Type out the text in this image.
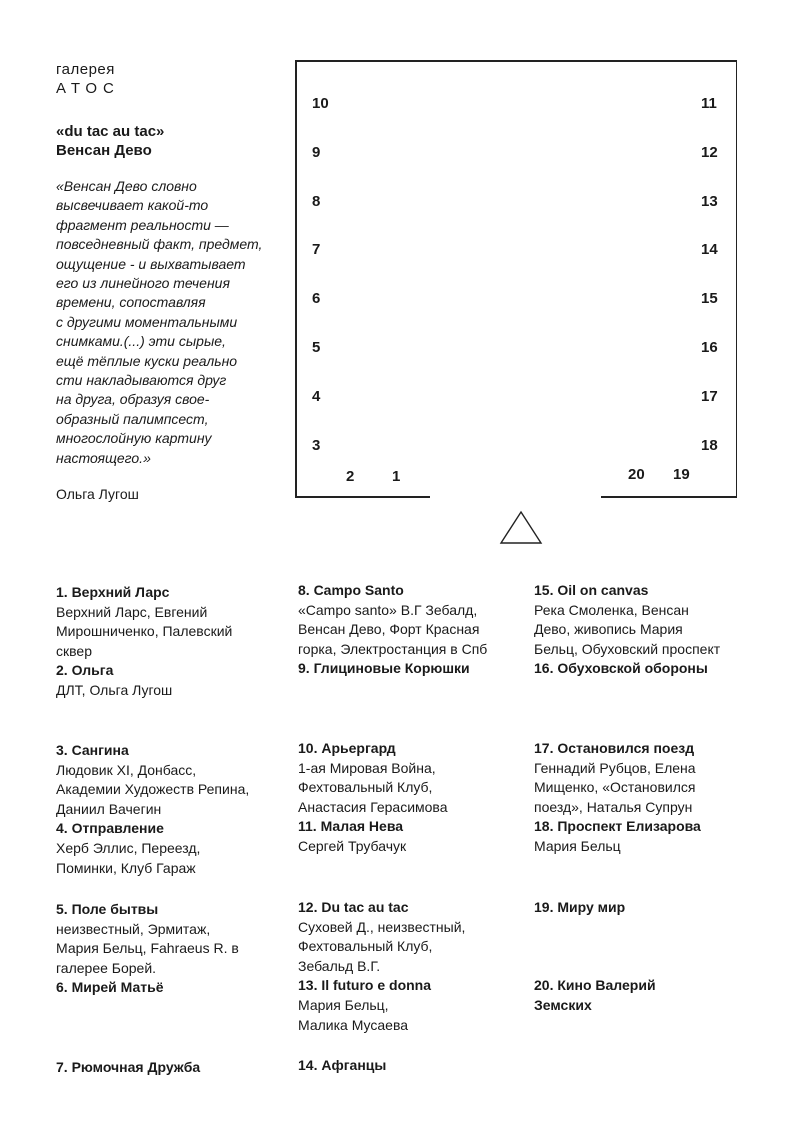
галерея
АТОС
«du tac au tac»
Венсан Дево
«Венсан Дево словно
высвечивает какой-то
фрагмент реальности —
повседневный факт, предмет,
ощущение - и выхватывает
его из линейного течения
времени, сопоставляя
с другими моментальными
снимками.(...) эти сырые,
ещё тёплые куски реально
сти накладываются друг
на друга, образуя свое-
образный палимпсест,
многослойную картину
настоящего.»
Ольга Лугош
10
9
8
7
6
5
4
3
11
12
13
14
15
16
17
18
2	1	20 19
1. Верхний Ларс
Верхний Ларс, Евгений
Мирошниченко, Палевский
сквер
2. Ольга
ДЛТ, Ольга Лугош
3. Сангина
Людовик XI, Донбасс,
Академии Художеств Репина,
Даниил Вачегин
4. Отправление
Херб Эллис, Переезд,
Поминки, Клуб Гараж
5. Поле бытвы
неизвестный, Эрмитаж,
Мария Бельц, Fahraeus R. в
галерее Борей.
6. Мирей Матьё
7. Рюмочная Дружба
8. Campo Santo
«Campo santo» В.Г Зебалд,
Венсан Дево, Форт Красная
горка, Электростанция в Спб
9. Глициновые Корюшки
10. Арьергард
1-ая Мировая Война,
Фехтовальный Клуб,
Анастасия Герасимова
11. Малая Нева
Сергей Трубачук
12. Du tac au tac
Суховей Д., неизвестный,
Фехтовальный Клуб,
Зебальд В.Г.
13. Il futuro e donna
Мария Бельц,
Малика Мусаева
14. Афганцы
15. Oil on canvas
Река Смоленка, Венсан
Дево, живопись Мария
Бельц, Обуховский проспект
16. Обуховской обороны
17. Остановился поезд
Геннадий Рубцов, Елена
Мищенко, «Остановился
поезд», Наталья Супрун
18. Проспект Елизарова
Мария Бельц
19. Миру мир
20. Кино Валерий
Земских
